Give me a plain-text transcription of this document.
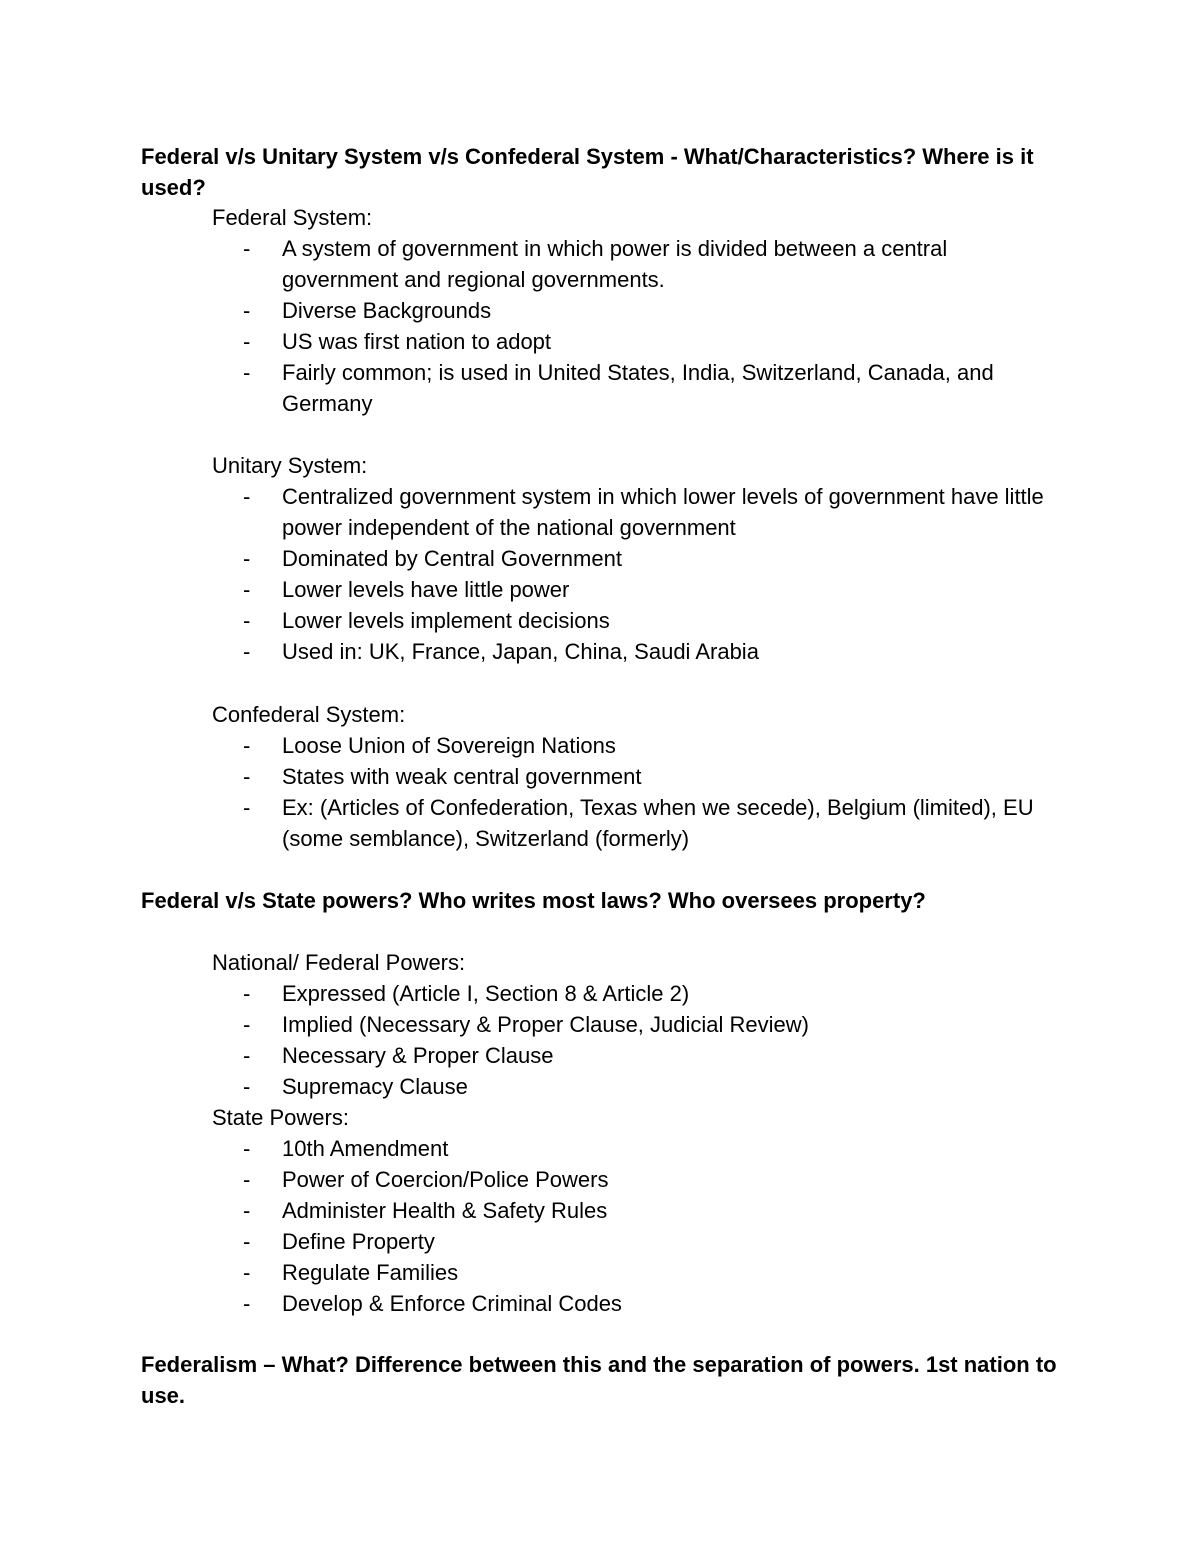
Federal v/s Unitary System v/s Confederal System - What/Characteristics? Where is it used?

Federal System:

-	A system of government in which power is divided between a central government and regional governments.
-	Diverse Backgrounds
-	US was first nation to adopt
-	Fairly common; is used in United States, India, Switzerland, Canada, and Germany

Unitary System:

-	Centralized government system in which lower levels of government have little power independent of the national government
-	Dominated by Central Government
-	Lower levels have little power
-	Lower levels implement decisions
-	Used in: UK, France, Japan, China, Saudi Arabia

Confederal System:

-	Loose Union of Sovereign Nations
-	States with weak central government
-	Ex: (Articles of Confederation, Texas when we secede), Belgium (limited), EU (some semblance), Switzerland (formerly)
Federal v/s State powers? Who writes most laws? Who oversees property?

National/ Federal Powers:

-	Expressed (Article I, Section 8 & Article 2)
-	Implied (Necessary & Proper Clause, Judicial Review)
-	Necessary & Proper Clause
-	Supremacy Clause

State Powers:

-	10th Amendment
-	Power of Coercion/Police Powers
-	Administer Health & Safety Rules
-	Define Property
-	Regulate Families
-	Develop & Enforce Criminal Codes
Federalism – What? Difference between this and the separation of powers. 1st nation to use.
